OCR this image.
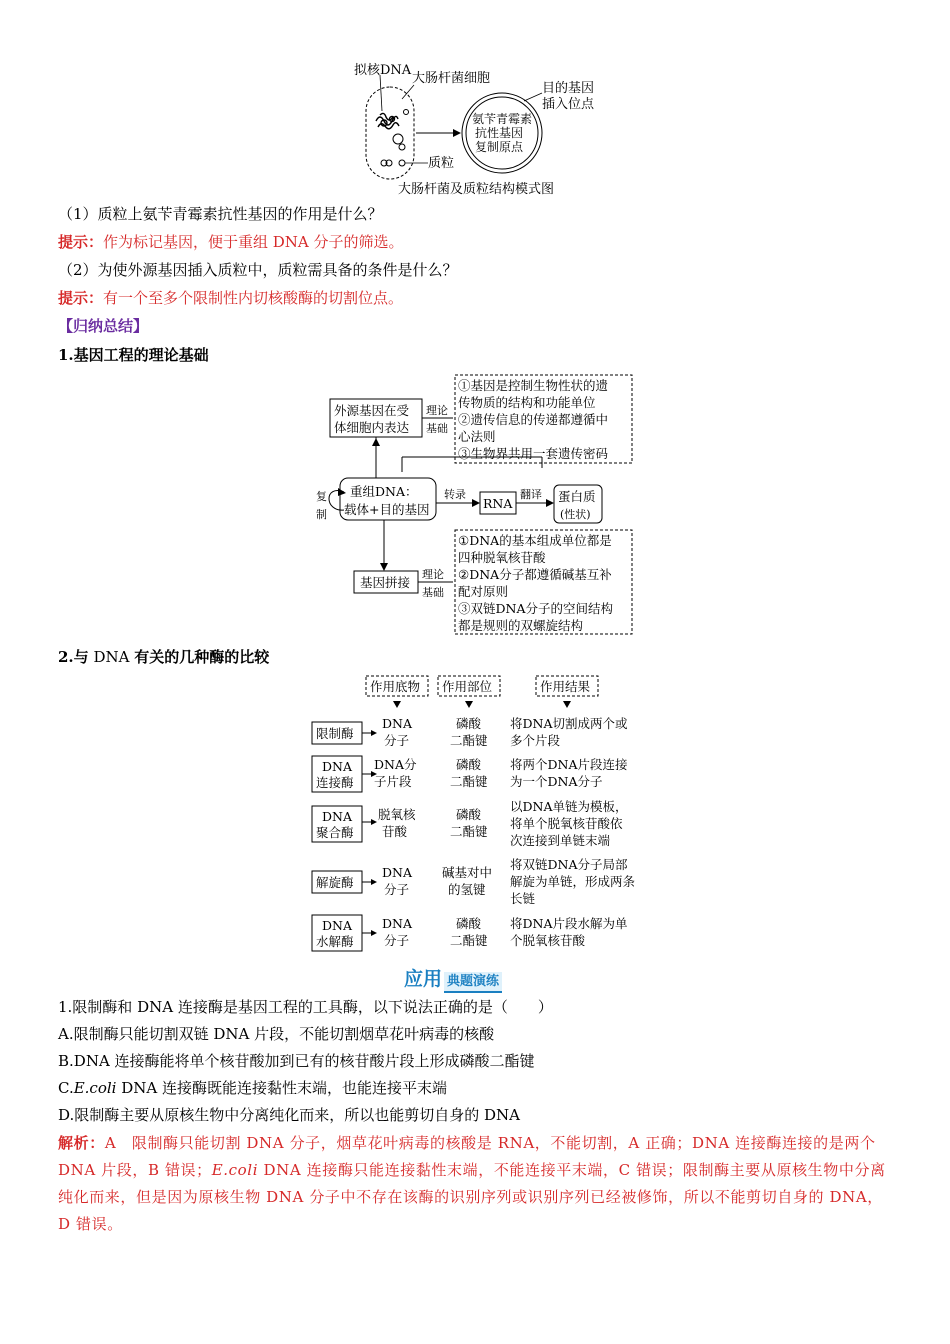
拟核DNA
大肠杆菌细胞
目的基因
插入位点
氨苄青霉素
抗性基因
复制原点
质粒
大肠杆菌及质粒结构模式图
（1）质粒上氨苄青霉素抗性基因的作用是什么？
提示：作为标记基因，便于重组 DNA 分子的筛选。
（2）为使外源基因插入质粒中，质粒需具备的条件是什么？
提示：有一个至多个限制性内切核酸酶的切割位点。
【归纳总结】
1.基因工程的理论基础
外源基因在受
体细胞内表达
理论
基础
①基因是控制生物性状的遗
传物质的结构和功能单位
②遗传信息的传递都遵循中
心法则
③生物界共用一套遗传密码
重组DNA：
载体+目的基因
复
制
转录
RNA
翻译 蛋白质
(性状)
基因拼接
理论
基础
①DNA的基本组成单位都是
四种脱氧核苷酸
②DNA分子都遵循碱基互补
配对原则
③双链DNA分子的空间结构
都是规则的双螺旋结构
2.与 DNA 有关的几种酶的比较
作用底物 作用部位	作用结果
限制酶
DNA
分子
磷酸
二酯键
将DNA切割成两个或
多个片段
DNA
连接酶
DNA分
子片段
磷酸
二酯键
将两个DNA片段连接
为一个DNA分子
DNA
聚合酶
脱氧核
苷酸
磷酸
二酯键
以DNA单链为模板，
将单个脱氧核苷酸依
次连接到单链末端
解旋酶
DNA
分子
碱基对中
的氢键
将双链DNA分子局部
解旋为单链，形成两条
长链
DNA
水解酶
DNA
分子
磷酸
二酯键
将DNA片段水解为单
个脱氧核苷酸
应用 典题演练
1.限制酶和 DNA 连接酶是基因工程的工具酶，以下说法正确的是（　　）
A.限制酶只能切割双链 DNA 片段，不能切割烟草花叶病毒的核酸
B.DNA 连接酶能将单个核苷酸加到已有的核苷酸片段上形成磷酸二酯键
C.E.coli DNA 连接酶既能连接黏性末端，也能连接平末端
D.限制酶主要从原核生物中分离纯化而来，所以也能剪切自身的 DNA
解析：A　限制酶只能切割 DNA 分子，烟草花叶病毒的核酸是 RNA，不能切割，A 正确；DNA 连接酶连接的是两个 DNA 片段，B 错误；E.coli DNA 连接酶只能连接黏性末端，不能连接平末端，C 错误；限制酶主要从原核生物中分离纯化而来，但是因为原核生物 DNA 分子中不存在该酶的识别序列或识别序列已经被修饰，所以不能剪切自身的 DNA，D 错误。
